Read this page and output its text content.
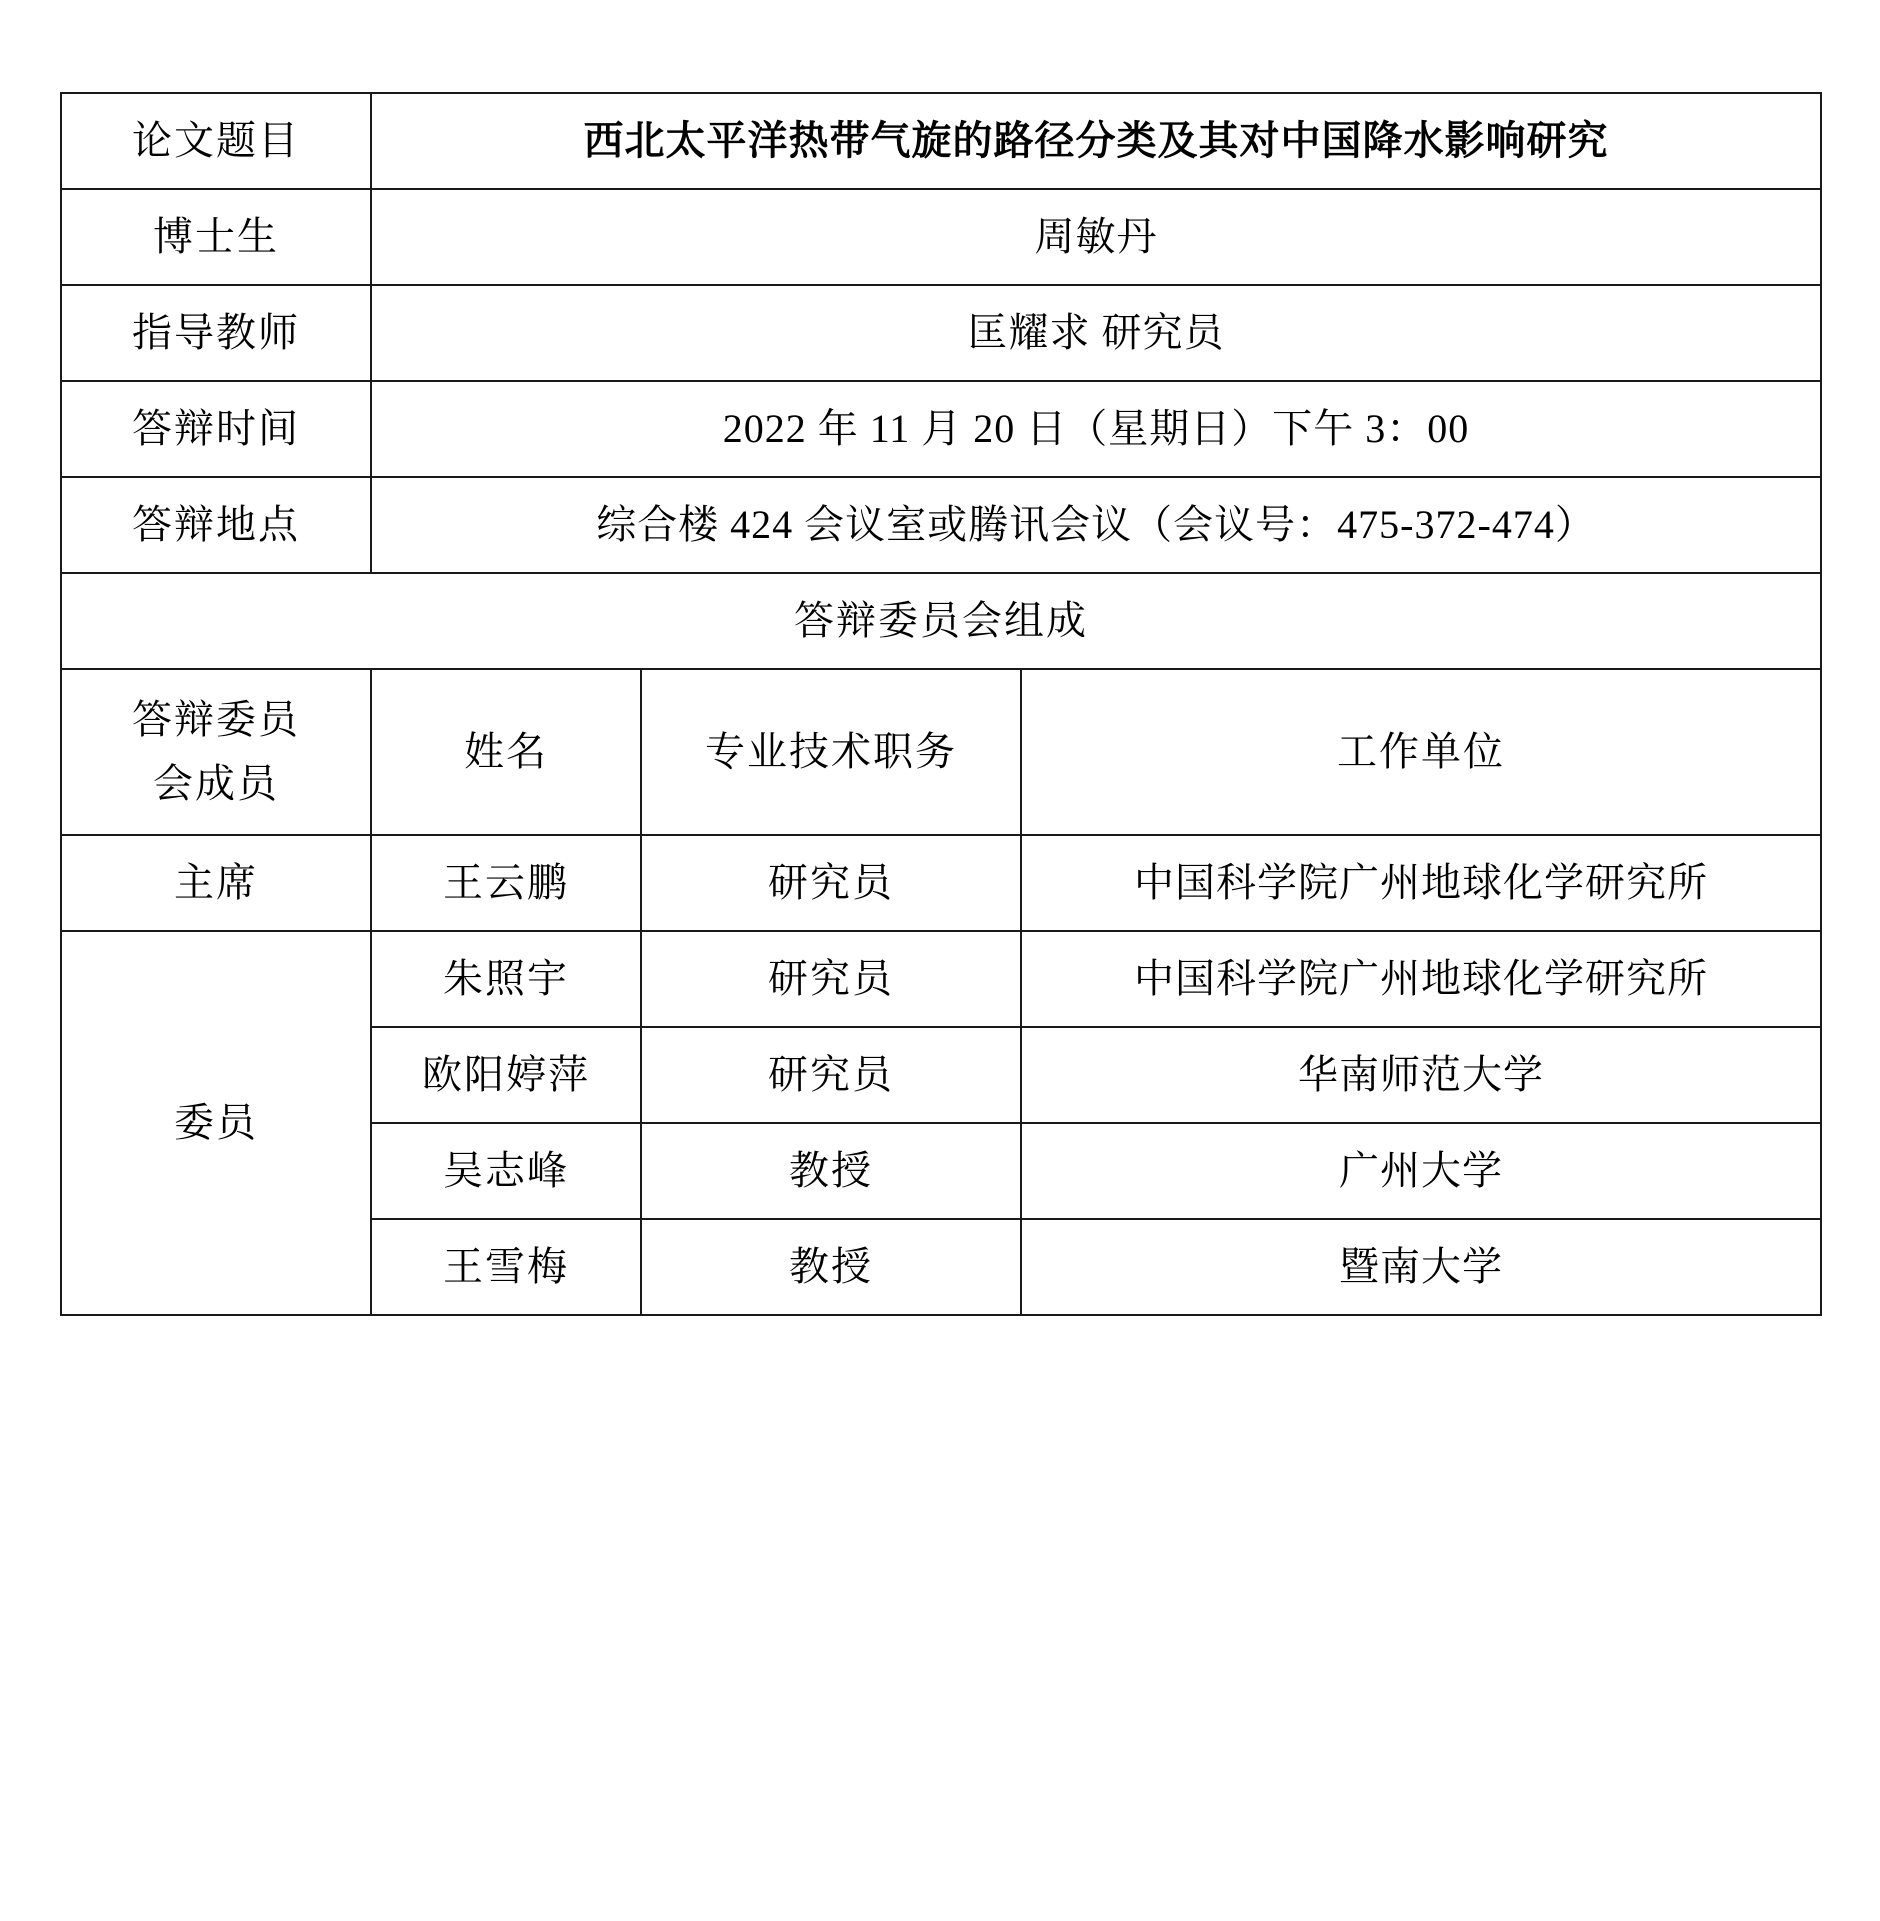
论文题目	西北太平洋热带气旋的路径分类及其对中国降水影响研究		
博士生	周敏丹		
指导教师	匡耀求 研究员		
答辩时间	2022 年 11 月 20 日（星期日）下午 3：00		
答辩地点	综合楼 424 会议室或腾讯会议（会议号：475-372-474）		
答辩委员会组成			

答辩委员
会成员	姓名	专业技术职务	工作单位
主席	王云鹏	研究员	中国科学院广州地球化学研究所
委员	朱照宇	研究员	中国科学院广州地球化学研究所
	欧阳婷萍	研究员	华南师范大学
	吴志峰	教授	广州大学
	王雪梅	教授	暨南大学
